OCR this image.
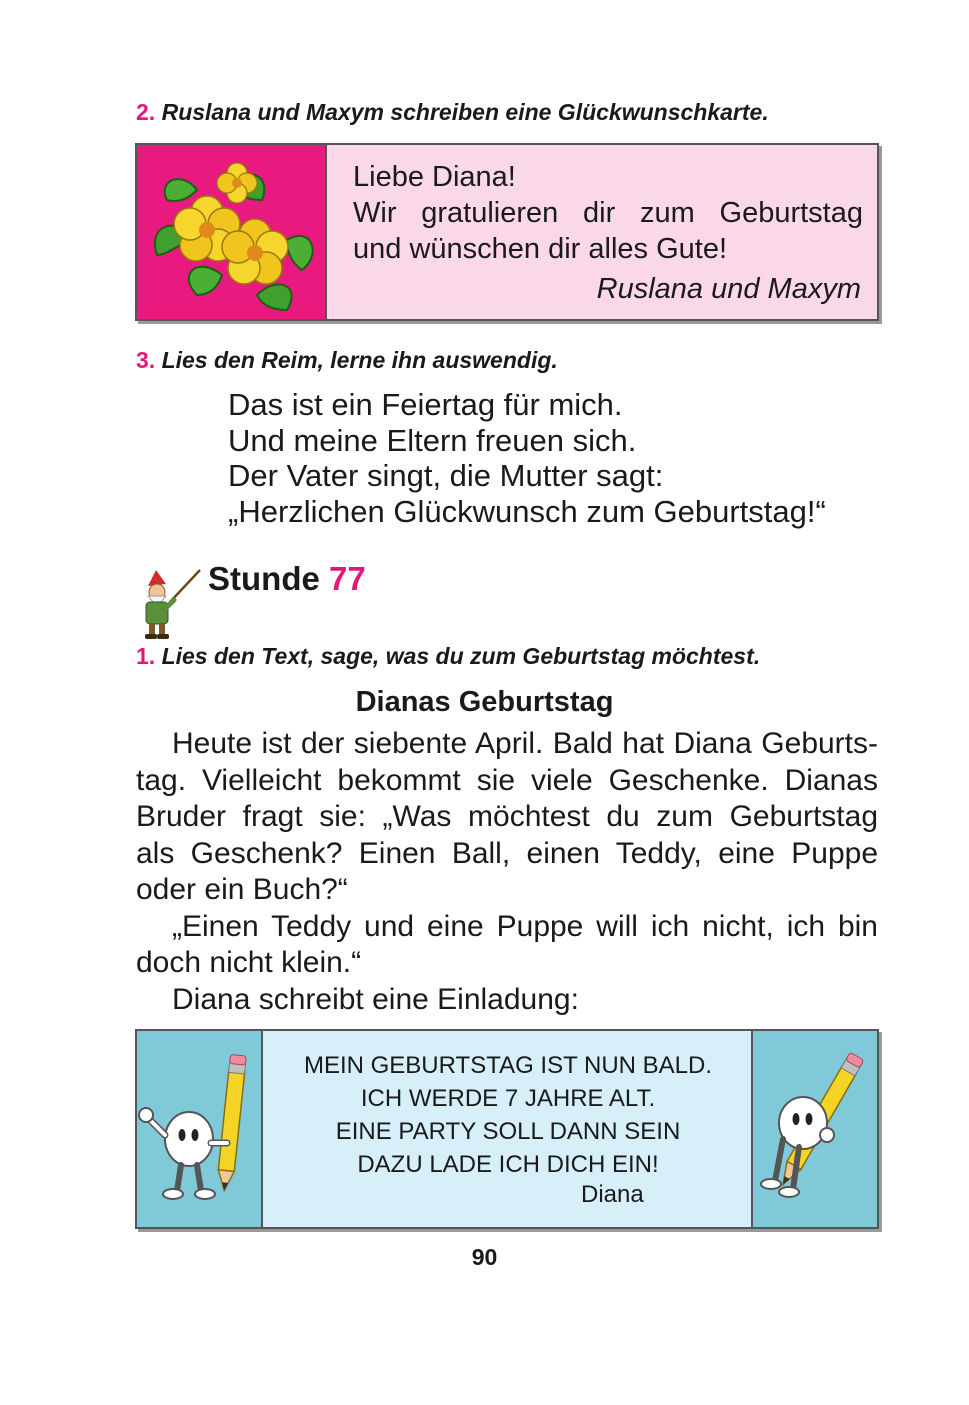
2. Ruslana und Maxym schreiben eine Glückwunschkarte.
Liebe Diana!
Wir gratulieren dir zum Geburtstag
und wünschen dir alles Gute!
Ruslana und Maxym
3. Lies den Reim, lerne ihn auswendig.
Das ist ein Feiertag für mich.
Und meine Eltern freuen sich.
Der Vater singt, die Mutter sagt:
„Herzlichen Glückwunsch zum Geburtstag!“
Stunde 77
1. Lies den Text, sage, was du zum Geburtstag möchtest.
Dianas Geburtstag
Heute ist der siebente April. Bald hat Diana Geburts-
tag. Vielleicht bekommt sie viele Geschenke. Dianas
Bruder fragt sie: „Was möchtest du zum Geburtstag
als Geschenk? Einen Ball, einen Teddy, eine Puppe
oder ein Buch?“
„Einen Teddy und eine Puppe will ich nicht, ich bin
doch nicht klein.“
Diana schreibt eine Einladung:
MEIN GEBURTSTAG IST NUN BALD.
ICH WERDE 7 JAHRE ALT.
EINE PARTY SOLL DANN SEIN
DAZU LADE ICH DICH EIN!
Diana
90
